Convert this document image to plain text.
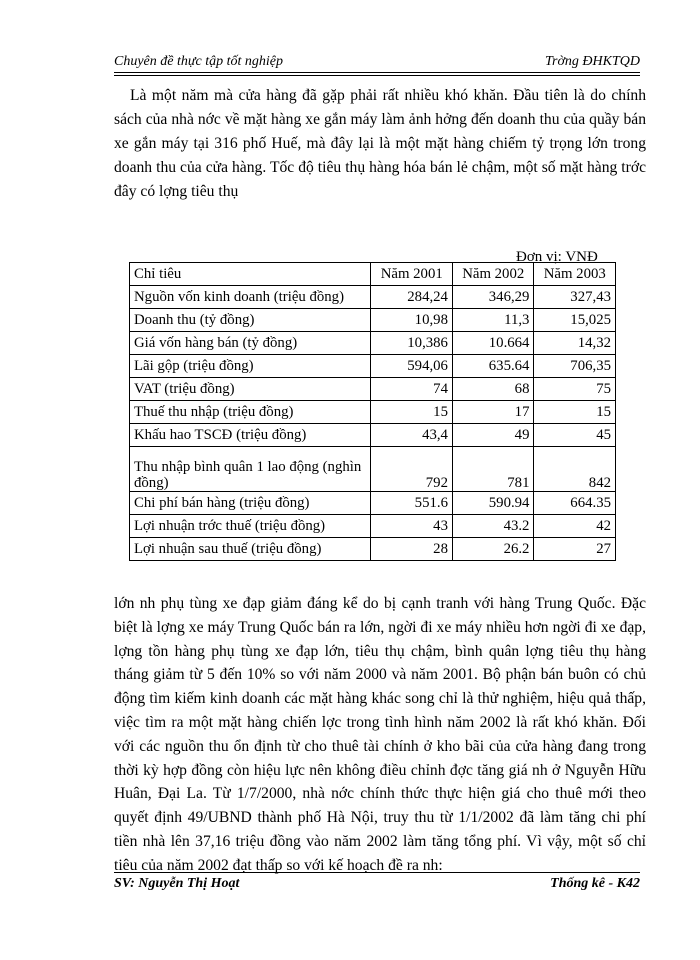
Chuyên đề thực tập tốt nghiệp	Trờng ĐHKTQD

Là một năm mà cửa hàng đã gặp phải rất nhiều khó khăn. Đầu tiên là do chính sách của nhà nớc về mặt hàng xe gắn máy làm ảnh hởng đến doanh thu của quầy bán xe gắn máy tại 316 phố Huế, mà đây lại là một mặt hàng chiếm tỷ trọng lớn trong doanh thu của cửa hàng. Tốc độ tiêu thụ hàng hóa bán lẻ chậm, một số mặt hàng trớc đây có lợng tiêu thụ

Đơn vị: VNĐ
Chỉ tiêu	Năm 2001	Năm 2002	Năm 2003
Nguồn vốn kinh doanh (triệu đồng)	284,24	346,29	327,43
Doanh thu (tỷ đồng)	10,98	11,3	15,025
Giá vốn hàng bán (tỷ đồng)	10,386	10.664	14,32
Lãi gộp (triệu đồng)	594,06	635.64	706,35
VAT (triệu đồng)	74	68	75
Thuế thu nhập (triệu đồng)	15	17	15
Khấu hao TSCĐ (triệu đồng)	43,4	49	45
Thu nhập bình quân 1 lao động (nghìn đồng)	792	781	842
Chi phí bán hàng (triệu đồng)	551.6	590.94	664.35
Lợi nhuận trớc thuế (triệu đồng)	43	43.2	42
Lợi nhuận sau thuế (triệu đồng)	28	26.2	27

lớn nh phụ tùng xe đạp giảm đáng kể do bị cạnh tranh với hàng Trung Quốc. Đặc biệt là lợng xe máy Trung Quốc bán ra lớn, ngời đi xe máy nhiều hơn ngời đi xe đạp, lợng tồn hàng phụ tùng xe đạp lớn, tiêu thụ chậm, bình quân lợng tiêu thụ hàng tháng giảm từ 5 đến 10% so với năm 2000 và năm 2001. Bộ phận bán buôn có chủ động tìm kiếm kinh doanh các mặt hàng khác song chỉ là thử nghiệm, hiệu quả thấp, việc tìm ra một mặt hàng chiến lợc trong tình hình năm 2002 là rất khó khăn. Đối với các nguồn thu ổn định từ cho thuê tài chính ở kho bãi của cửa hàng đang trong thời kỳ hợp đồng còn hiệu lực nên không điều chỉnh đợc tăng giá nh ở Nguyễn Hữu Huân, Đại La. Từ 1/7/2000, nhà nớc chính thức thực hiện giá cho thuê mới theo quyết định 49/UBND thành phố Hà Nội, truy thu từ 1/1/2002 đã làm tăng chi phí tiền nhà lên 37,16 triệu đồng vào năm 2002 làm tăng tổng phí. Vì vậy, một số chỉ tiêu của năm 2002 đạt thấp so với kế hoạch đề ra nh:

SV: Nguyễn Thị Hoạt	Thống kê - K42
